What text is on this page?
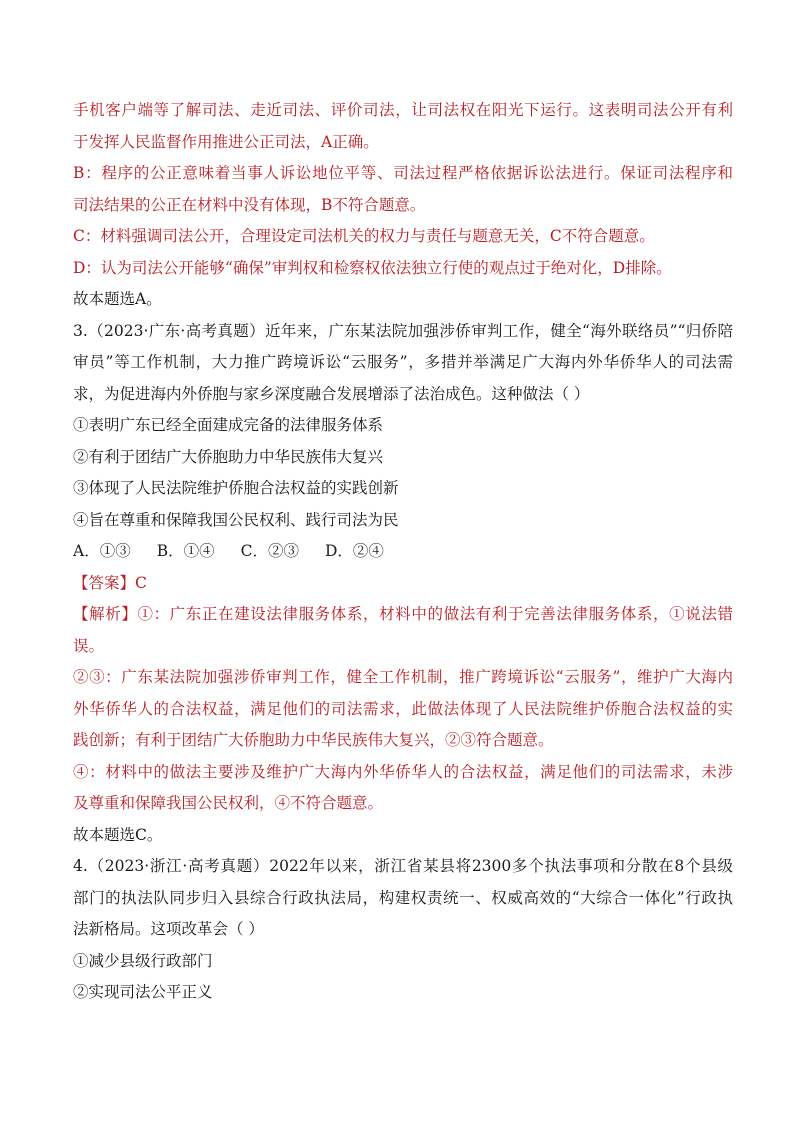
手机客户端等了解司法、走近司法、评价司法，让司法权在阳光下运行。这表明司法公开有利
于发挥人民监督作用推进公正司法，A正确。
B：程序的公正意味着当事人诉讼地位平等、司法过程严格依据诉讼法进行。保证司法程序和
司法结果的公正在材料中没有体现，B不符合题意。
C：材料强调司法公开，合理设定司法机关的权力与责任与题意无关，C不符合题意。
D：认为司法公开能够“确保”审判权和检察权依法独立行使的观点过于绝对化，D排除。
故本题选A。
3.（2023·广东·高考真题）近年来，广东某法院加强涉侨审判工作，健全“海外联络员”“归侨陪
审员”等工作机制，大力推广跨境诉讼“云服务”，多措并举满足广大海内外华侨华人的司法需
求，为促进海内外侨胞与家乡深度融合发展增添了法治成色。这种做法（ ）
①表明广东已经全面建成完备的法律服务体系
②有利于团结广大侨胞助力中华民族伟大复兴
③体现了人民法院维护侨胞合法权益的实践创新
④旨在尊重和保障我国公民权利、践行司法为民
A．①③ B．①④ C．②③ D．②④
【答案】C
【解析】①：广东正在建设法律服务体系，材料中的做法有利于完善法律服务体系，①说法错
误。
②③：广东某法院加强涉侨审判工作，健全工作机制，推广跨境诉讼“云服务”，维护广大海内
外华侨华人的合法权益，满足他们的司法需求，此做法体现了人民法院维护侨胞合法权益的实
践创新；有利于团结广大侨胞助力中华民族伟大复兴，②③符合题意。
④：材料中的做法主要涉及维护广大海内外华侨华人的合法权益，满足他们的司法需求，未涉
及尊重和保障我国公民权利，④不符合题意。
故本题选C。
4.（2023·浙江·高考真题）2022年以来，浙江省某县将2300多个执法事项和分散在8个县级
部门的执法队同步归入县综合行政执法局，构建权责统一、权威高效的“大综合一体化”行政执
法新格局。这项改革会（ ）
①减少县级行政部门
②实现司法公平正义
